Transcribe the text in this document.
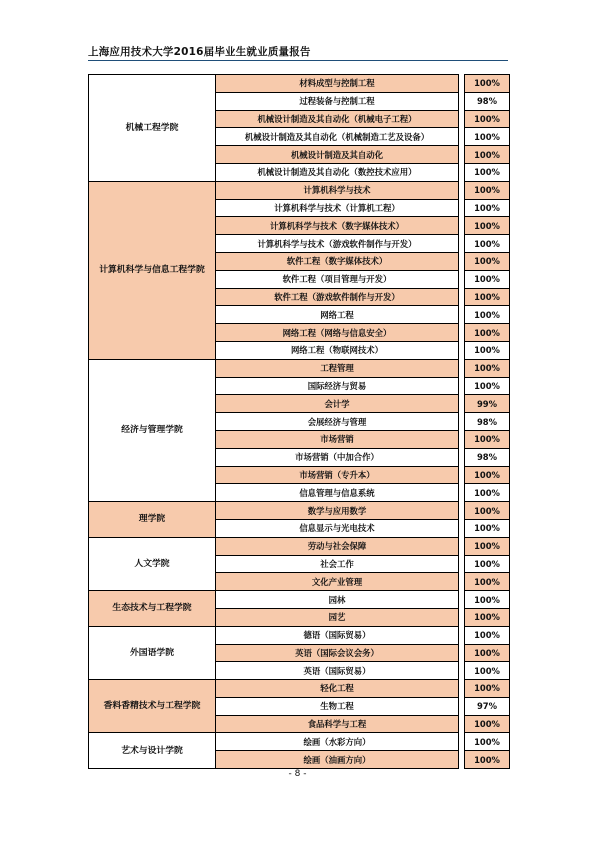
上海应用技术大学2016届毕业生就业质量报告
机械工程学院	材料成型与控制工程		100%
	过程装备与控制工程		98%
	机械设计制造及其自动化（机械电子工程）		100%
	机械设计制造及其自动化（机械制造工艺及设备）		100%
	机械设计制造及其自动化		100%
	机械设计制造及其自动化（数控技术应用）		100%
计算机科学与信息工程学院	计算机科学与技术		100%
	计算机科学与技术（计算机工程）		100%
	计算机科学与技术（数字媒体技术）		100%
	计算机科学与技术（游戏软件制作与开发）		100%
	软件工程（数字媒体技术）		100%
	软件工程（项目管理与开发）		100%
	软件工程（游戏软件制作与开发）		100%
	网络工程		100%
	网络工程（网络与信息安全）		100%
	网络工程（物联网技术）		100%
经济与管理学院	工程管理		100%
	国际经济与贸易		100%
	会计学		99%
	会展经济与管理		98%
	市场营销		100%
	市场营销（中加合作）		98%
	市场营销（专升本）		100%
	信息管理与信息系统		100%
理学院	数学与应用数学		100%
	信息显示与光电技术		100%
人文学院	劳动与社会保障		100%
	社会工作		100%
	文化产业管理		100%
生态技术与工程学院	园林		100%
	园艺		100%
外国语学院	德语（国际贸易）		100%
	英语（国际会议会务）		100%
	英语（国际贸易）		100%
香料香精技术与工程学院	轻化工程		100%
	生物工程		97%
	食品科学与工程		100%
艺术与设计学院	绘画（水彩方向）		100%
	绘画（油画方向）		100%
- 8 -
